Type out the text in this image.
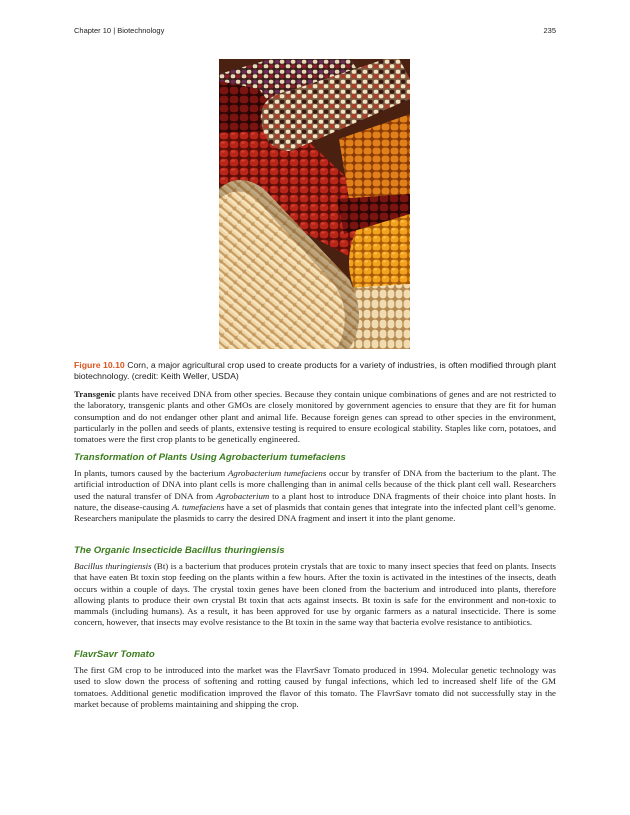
Chapter 10 | Biotechnology	235

Figure 10.10 Corn, a major agricultural crop used to create products for a variety of industries, is often modified through plant biotechnology. (credit: Keith Weller, USDA)

Transgenic plants have received DNA from other species. Because they contain unique combinations of genes and are not restricted to the laboratory, transgenic plants and other GMOs are closely monitored by government agencies to ensure that they are fit for human consumption and do not endanger other plant and animal life. Because foreign genes can spread to other species in the environment, particularly in the pollen and seeds of plants, extensive testing is required to ensure ecological stability. Staples like corn, potatoes, and tomatoes were the first crop plants to be genetically engineered.

Transformation of Plants Using Agrobacterium tumefaciens

In plants, tumors caused by the bacterium Agrobacterium tumefaciens occur by transfer of DNA from the bacterium to the plant. The artificial introduction of DNA into plant cells is more challenging than in animal cells because of the thick plant cell wall. Researchers used the natural transfer of DNA from Agrobacterium to a plant host to introduce DNA fragments of their choice into plant hosts. In nature, the disease-causing A. tumefaciens have a set of plasmids that contain genes that integrate into the infected plant cell’s genome. Researchers manipulate the plasmids to carry the desired DNA fragment and insert it into the plant genome.

The Organic Insecticide Bacillus thuringiensis

Bacillus thuringiensis (Bt) is a bacterium that produces protein crystals that are toxic to many insect species that feed on plants. Insects that have eaten Bt toxin stop feeding on the plants within a few hours. After the toxin is activated in the intestines of the insects, death occurs within a couple of days. The crystal toxin genes have been cloned from the bacterium and introduced into plants, therefore allowing plants to produce their own crystal Bt toxin that acts against insects. Bt toxin is safe for the environment and non-toxic to mammals (including humans). As a result, it has been approved for use by organic farmers as a natural insecticide. There is some concern, however, that insects may evolve resistance to the Bt toxin in the same way that bacteria evolve resistance to antibiotics.

FlavrSavr Tomato

The first GM crop to be introduced into the market was the FlavrSavr Tomato produced in 1994. Molecular genetic technology was used to slow down the process of softening and rotting caused by fungal infections, which led to increased shelf life of the GM tomatoes. Additional genetic modification improved the flavor of this tomato. The FlavrSavr tomato did not successfully stay in the market because of problems maintaining and shipping the crop.
